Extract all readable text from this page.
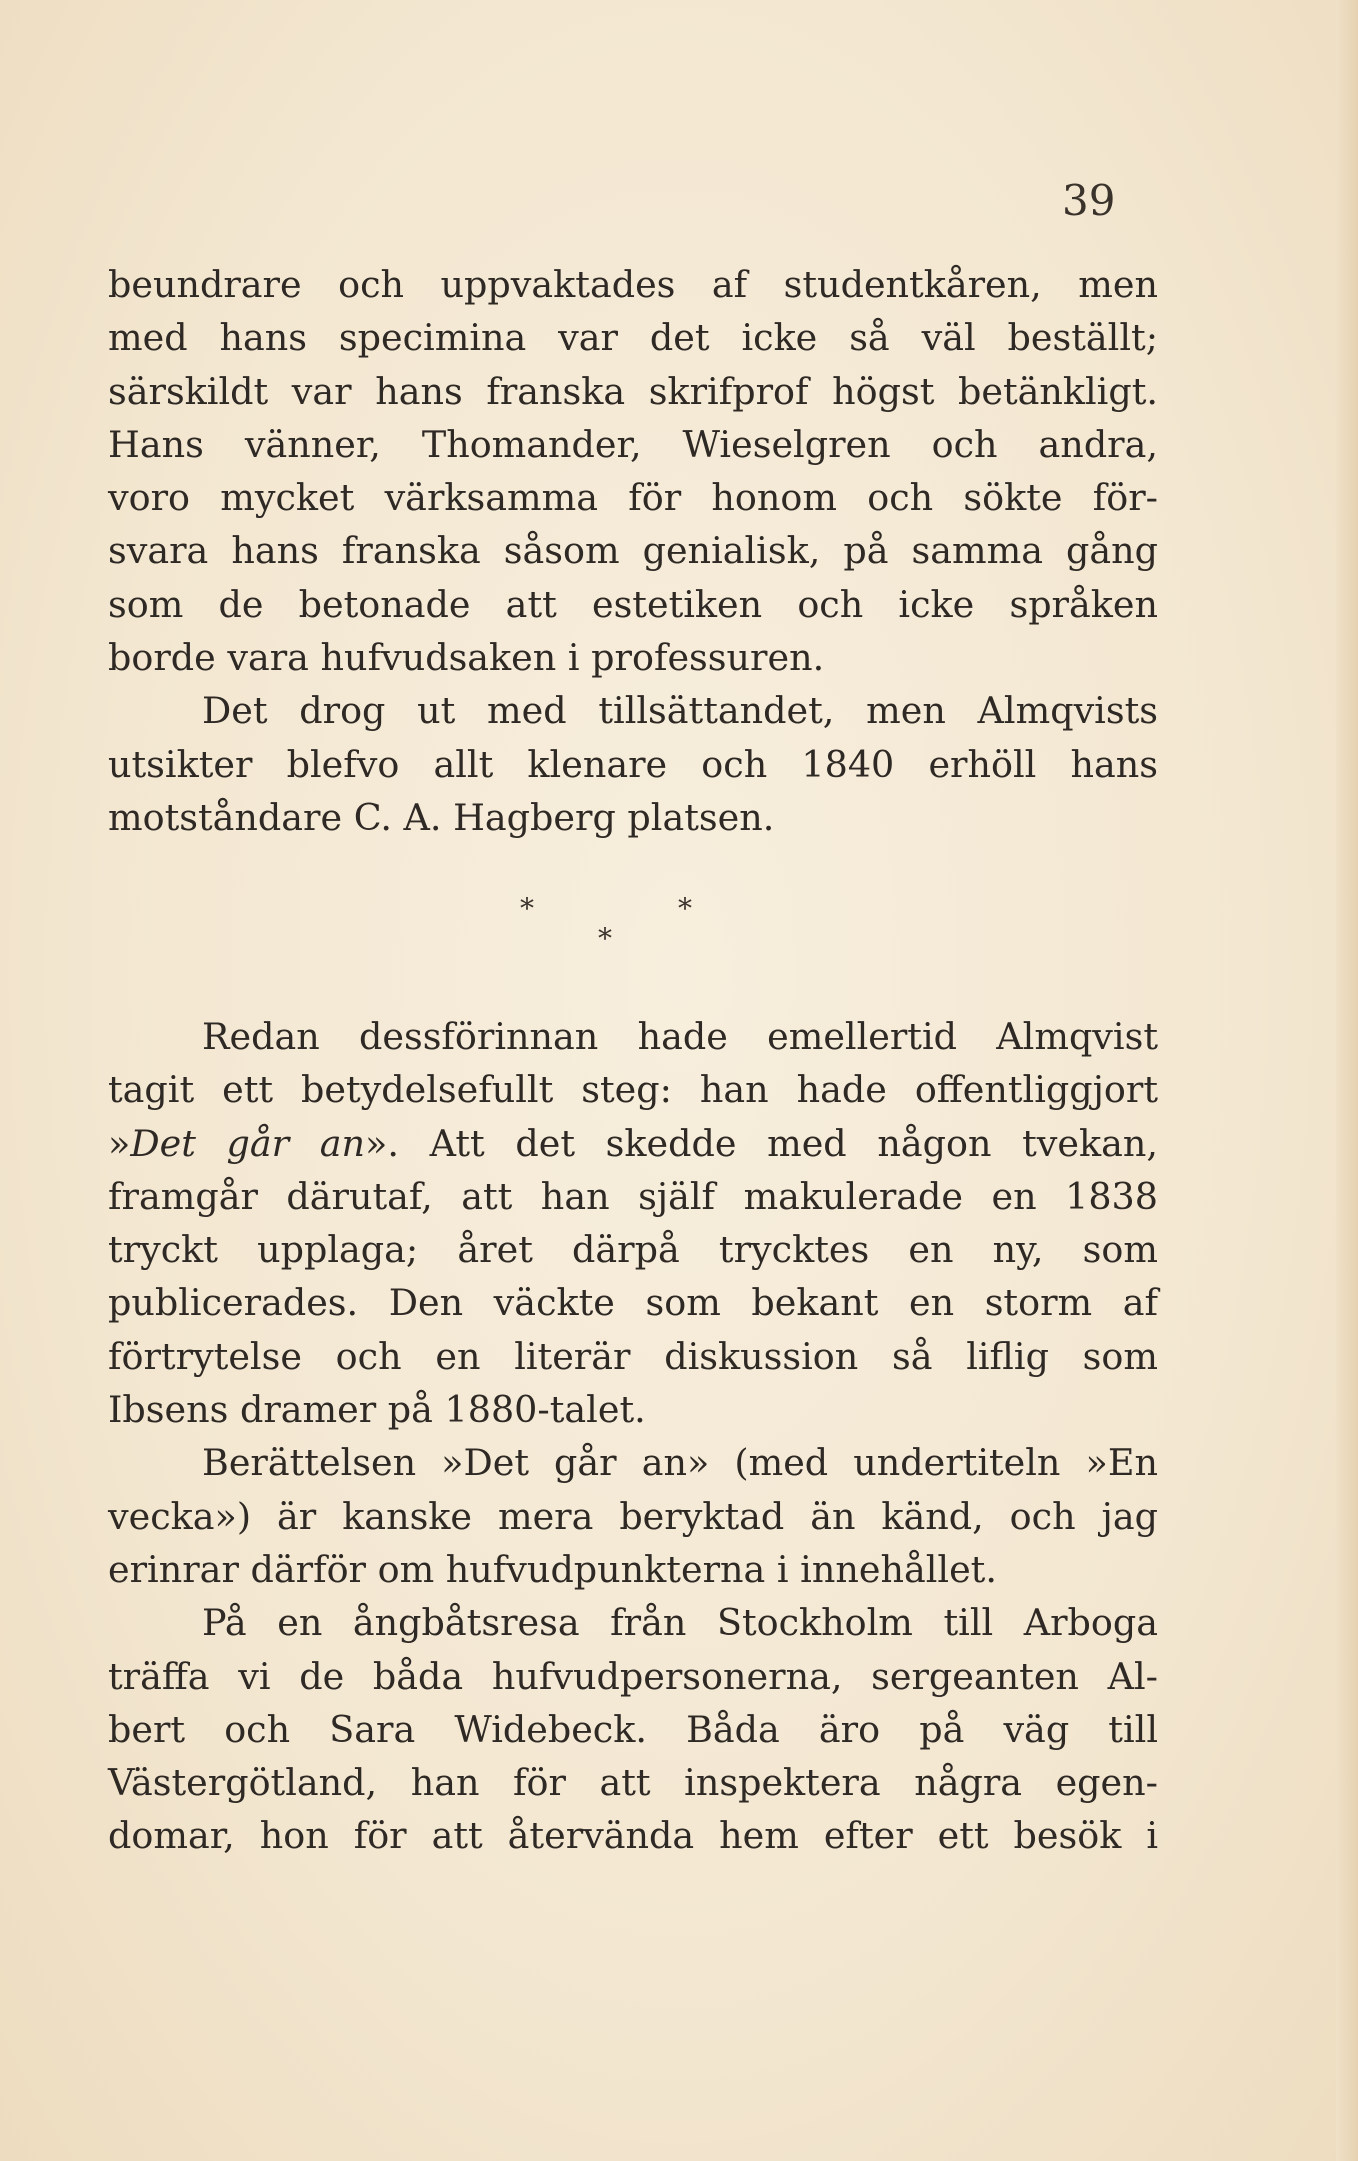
39
beundrare och uppvaktades af studentkåren, men
med hans specimina var det icke så väl beställt;
särskildt var hans franska skrifprof högst betänkligt.
Hans vänner, Thomander, Wieselgren och andra,
voro mycket värksamma för honom och sökte för-
svara hans franska såsom genialisk, på samma gång
som de betonade att estetiken och icke språken
borde vara hufvudsaken i professuren.
Det drog ut med tillsättandet, men Almqvists
utsikter blefvo allt klenare och 1840 erhöll hans
motståndare C. A. Hagberg platsen.
*
*
*
Redan dessförinnan hade emellertid Almqvist
tagit ett betydelsefullt steg: han hade offentliggjort
»Det går an». Att det skedde med någon tvekan,
framgår därutaf, att han själf makulerade en 1838
tryckt upplaga; året därpå trycktes en ny, som
publicerades. Den väckte som bekant en storm af
förtrytelse och en literär diskussion så liflig som
Ibsens dramer på 1880-talet.
Berättelsen »Det går an» (med undertiteln »En
vecka») är kanske mera beryktad än känd, och jag
erinrar därför om hufvudpunkterna i innehållet.
På en ångbåtsresa från Stockholm till Arboga
träffa vi de båda hufvudpersonerna, sergeanten Al-
bert och Sara Widebeck. Båda äro på väg till
Västergötland, han för att inspektera några egen-
domar, hon för att återvända hem efter ett besök i
